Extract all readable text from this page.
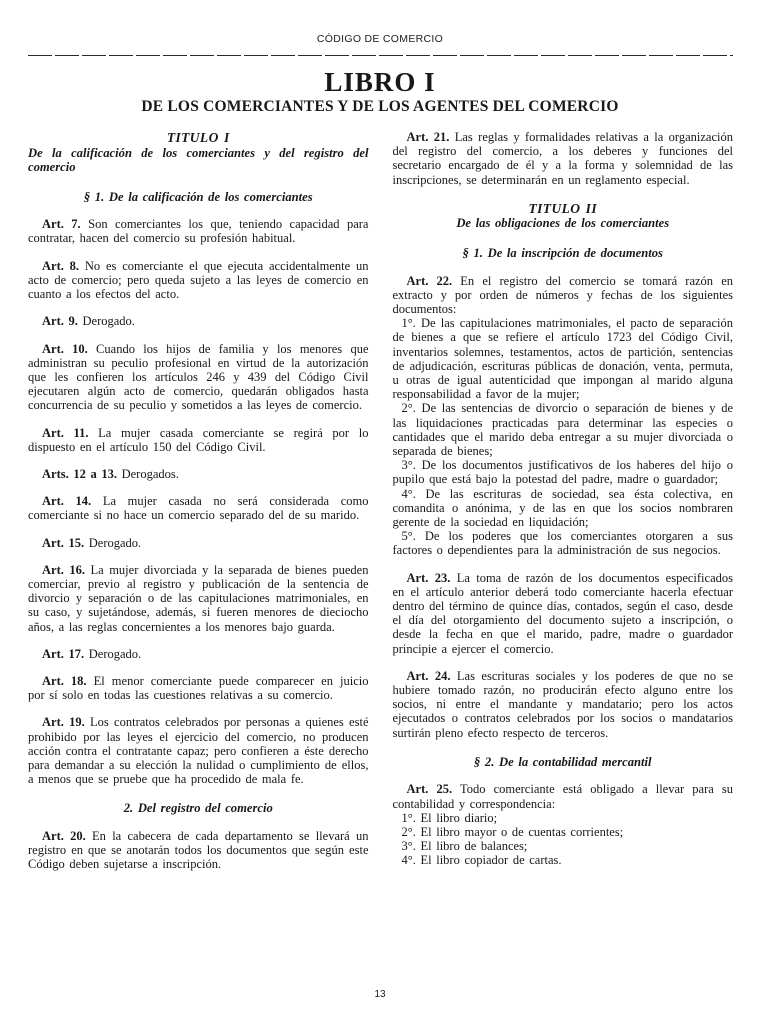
CÓDIGO DE COMERCIO
LIBRO I
DE LOS COMERCIANTES Y DE LOS AGENTES DEL COMERCIO

TITULO I

De la calificación de los comerciantes y del registro del comercio

§ 1. De la calificación de los comerciantes

Art. 7. Son comerciantes los que, teniendo capacidad para contratar, hacen del comercio su profesión habitual.

Art. 8. No es comerciante el que ejecuta accidentalmente un acto de comercio; pero queda sujeto a las leyes de comercio en cuanto a los efectos del acto.

Art. 9. Derogado.

Art. 10. Cuando los hijos de familia y los menores que administran su peculio profesional en virtud de la autorización que les confieren los artículos 246 y 439 del Código Civil ejecutaren algún acto de comercio, quedarán obligados hasta concurrencia de su peculio y sometidos a las leyes de comercio.

Art. 11. La mujer casada comerciante se regirá por lo dispuesto en el artículo 150 del Código Civil.

Arts. 12 a 13. Derogados.

Art. 14. La mujer casada no será considerada como comerciante si no hace un comercio separado del de su marido.

Art. 15. Derogado.

Art. 16. La mujer divorciada y la separada de bienes pueden comerciar, previo al registro y publicación de la sentencia de divorcio y separación o de las capitulaciones matrimoniales, en su caso, y sujetándose, además, si fueren menores de dieciocho años, a las reglas concernientes a los menores bajo guarda.

Art. 17. Derogado.

Art. 18. El menor comerciante puede comparecer en juicio por sí solo en todas las cuestiones relativas a su comercio.

Art. 19. Los contratos celebrados por personas a quienes esté prohibido por las leyes el ejercicio del comercio, no producen acción contra el contratante capaz; pero confieren a éste derecho para demandar a su elección la nulidad o cumplimiento de ellos, a menos que se pruebe que ha procedido de mala fe.

2. Del registro del comercio

Art. 20. En la cabecera de cada departamento se llevará un registro en que se anotarán todos los documentos que según este Código deben sujetarse a inscripción.

Art. 21. Las reglas y formalidades relativas a la organización del registro del comercio, a los deberes y funciones del secretario encargado de él y a la forma y solemnidad de las inscripciones, se determinarán en un reglamento especial.

TITULO II

De las obligaciones de los comerciantes

§ 1. De la inscripción de documentos

Art. 22. En el registro del comercio se tomará razón en extracto y por orden de números y fechas de los siguientes documentos:

1°. De las capitulaciones matrimoniales, el pacto de separación de bienes a que se refiere el artículo 1723 del Código Civil, inventarios solemnes, testamentos, actos de partición, sentencias de adjudicación, escrituras públicas de donación, venta, permuta, u otras de igual autenticidad que impongan al marido alguna responsabilidad a favor de la mujer;

2°. De las sentencias de divorcio o separación de bienes y de las liquidaciones practicadas para determinar las especies o cantidades que el marido deba entregar a su mujer divorciada o separada de bienes;

3°. De los documentos justificativos de los haberes del hijo o pupilo que está bajo la potestad del padre, madre o guardador;

4°. De las escrituras de sociedad, sea ésta colectiva, en comandita o anónima, y de las en que los socios nombraren gerente de la sociedad en liquidación;

5°. De los poderes que los comerciantes otorgaren a sus factores o dependientes para la administración de sus negocios.

Art. 23. La toma de razón de los documentos especificados en el artículo anterior deberá todo comerciante hacerla efectuar dentro del término de quince días, contados, según el caso, desde el día del otorgamiento del documento sujeto a inscripción, o desde la fecha en que el marido, padre, madre o guardador principie a ejercer el comercio.

Art. 24. Las escrituras sociales y los poderes de que no se hubiere tomado razón, no producirán efecto alguno entre los socios, ni entre el mandante y mandatario; pero los actos ejecutados o contratos celebrados por los socios o mandatarios surtirán pleno efecto respecto de terceros.

§ 2. De la contabilidad mercantil

Art. 25. Todo comerciante está obligado a llevar para su contabilidad y correspondencia:

1°. El libro diario;

2°. El libro mayor o de cuentas corrientes;

3°. El libro de balances;

4°. El libro copiador de cartas.

13
